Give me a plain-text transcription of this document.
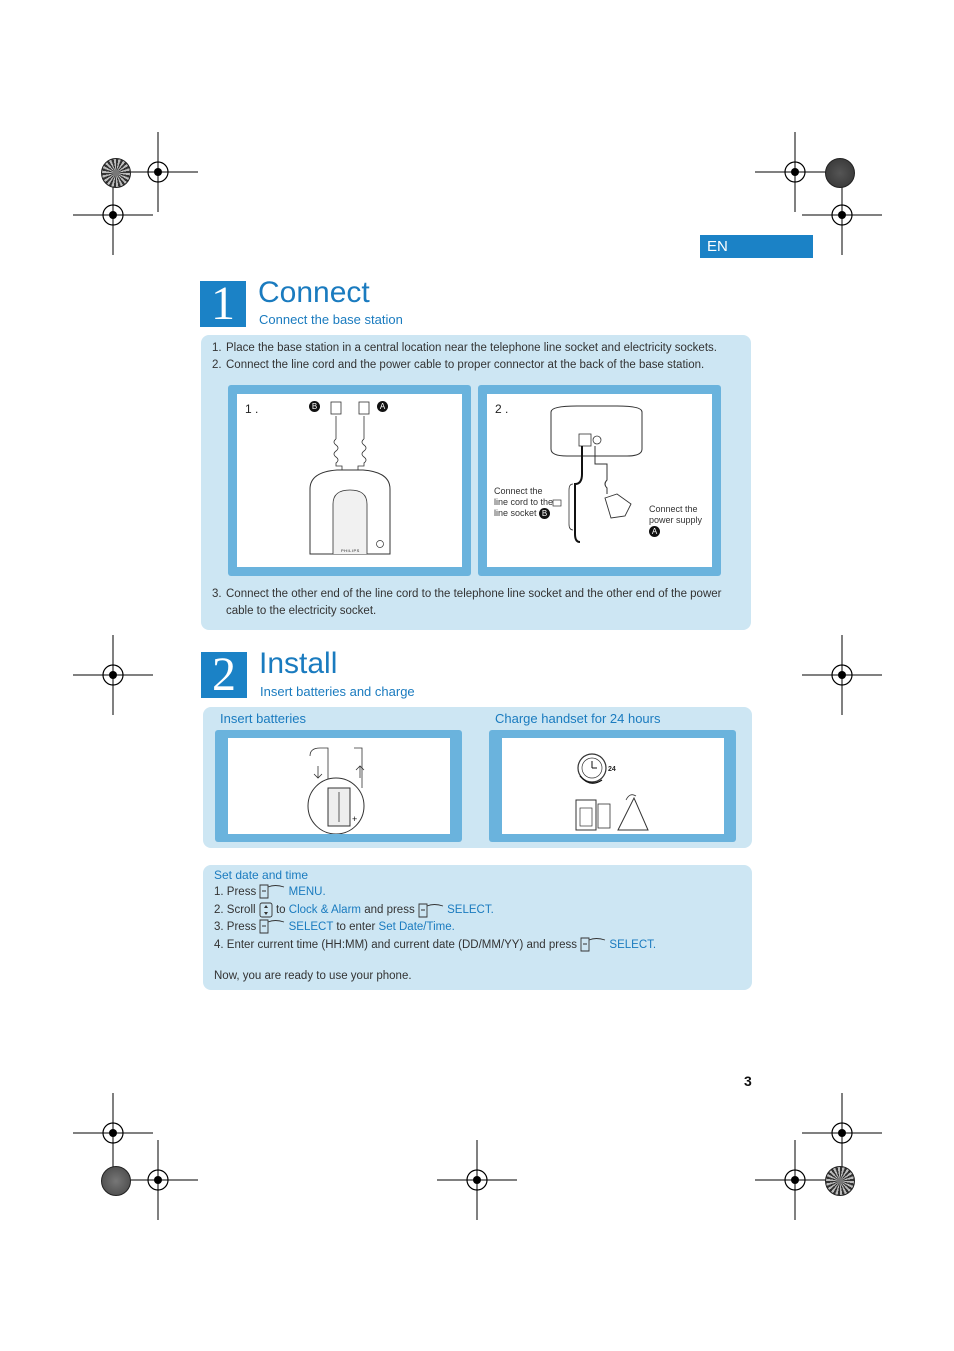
EN
1 Connect
Connect the base station
1. Place the base station in a central location near the telephone line socket and electricity sockets.
2. Connect the line cord and the power cable to proper connector at the back of the base station.
1 .	B	A
PHILIPS
2 .
Connect the line cord to the line socket B	Connect the power supply A
3. Connect the other end of the line cord to the telephone line socket and the other end of the power cable to the electricity socket.
2 Install
Insert batteries and charge
Insert batteries	Charge handset for 24 hours
+
24
Set date and time
1. Press	MENU.
2. Scroll to Clock & Alarm and press	SELECT.
3. Press	SELECT to enter Set Date/Time.
4. Enter current time (HH:MM) and current date (DD/MM/YY) and press	SELECT.
Now, you are ready to use your phone.
3
